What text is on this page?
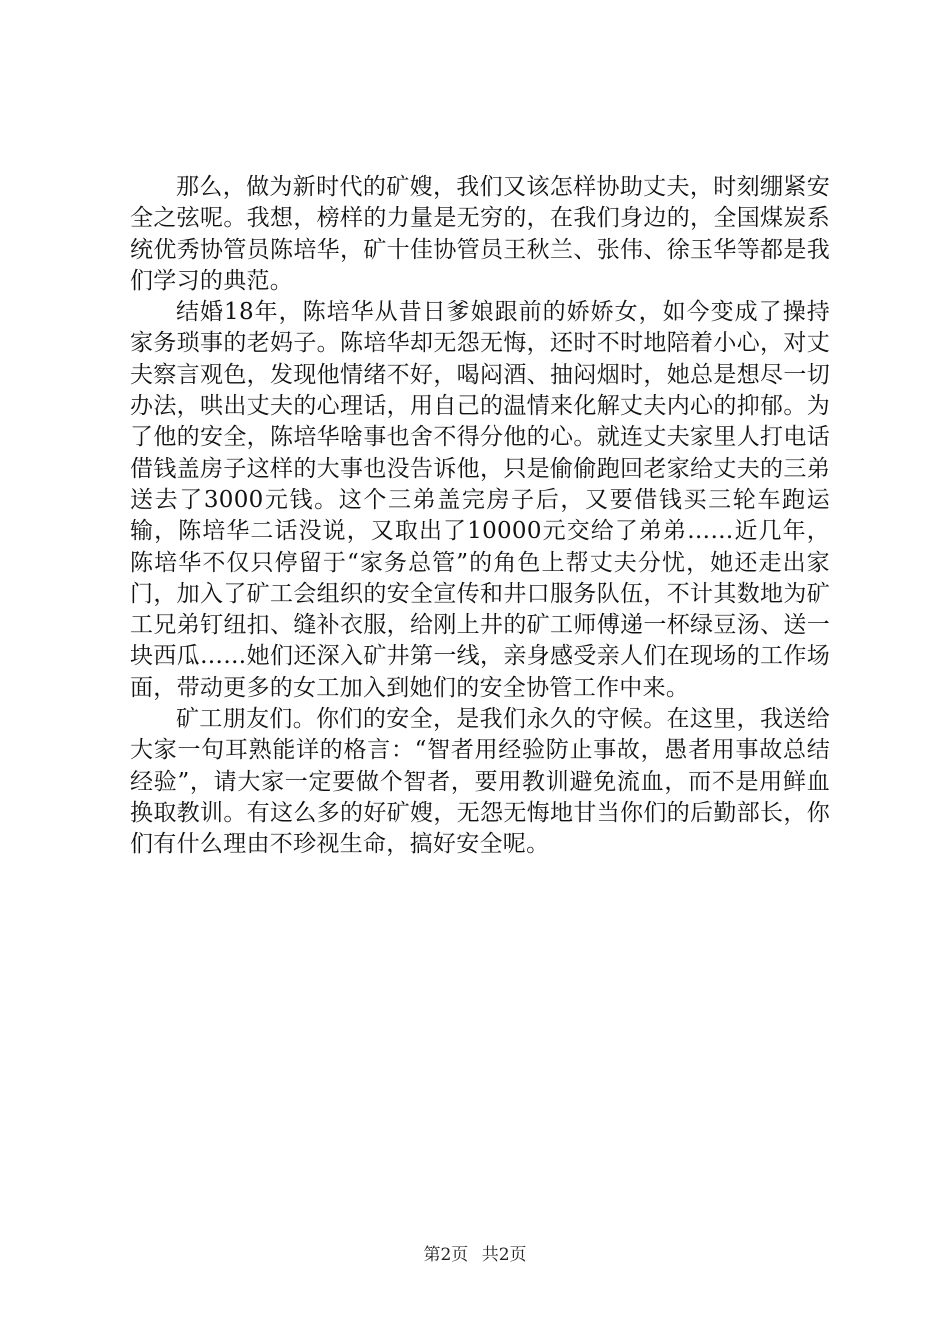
那么，做为新时代的矿嫂，我们又该怎样协助丈夫，时刻绷紧安全之弦呢。我想，榜样的力量是无穷的，在我们身边的，全国煤炭系统优秀协管员陈培华，矿十佳协管员王秋兰、张伟、徐玉华等都是我们学习的典范。

结婚18年，陈培华从昔日爹娘跟前的娇娇女，如今变成了操持家务琐事的老妈子。陈培华却无怨无悔，还时不时地陪着小心，对丈夫察言观色，发现他情绪不好，喝闷酒、抽闷烟时，她总是想尽一切办法，哄出丈夫的心理话，用自己的温情来化解丈夫内心的抑郁。为了他的安全，陈培华啥事也舍不得分他的心。就连丈夫家里人打电话借钱盖房子这样的大事也没告诉他，只是偷偷跑回老家给丈夫的三弟送去了3000元钱。这个三弟盖完房子后，又要借钱买三轮车跑运输，陈培华二话没说，又取出了10000元交给了弟弟……近几年，陈培华不仅只停留于“家务总管”的角色上帮丈夫分忧，她还走出家门，加入了矿工会组织的安全宣传和井口服务队伍，不计其数地为矿工兄弟钉纽扣、缝补衣服，给刚上井的矿工师傅递一杯绿豆汤、送一块西瓜……她们还深入矿井第一线，亲身感受亲人们在现场的工作场面，带动更多的女工加入到她们的安全协管工作中来。

矿工朋友们。你们的安全，是我们永久的守候。在这里，我送给大家一句耳熟能详的格言：“智者用经验防止事故，愚者用事故总结经验”，请大家一定要做个智者，要用教训避免流血，而不是用鲜血换取教训。有这么多的好矿嫂，无怨无悔地甘当你们的后勤部长，你们有什么理由不珍视生命，搞好安全呢。

第2页 共2页
